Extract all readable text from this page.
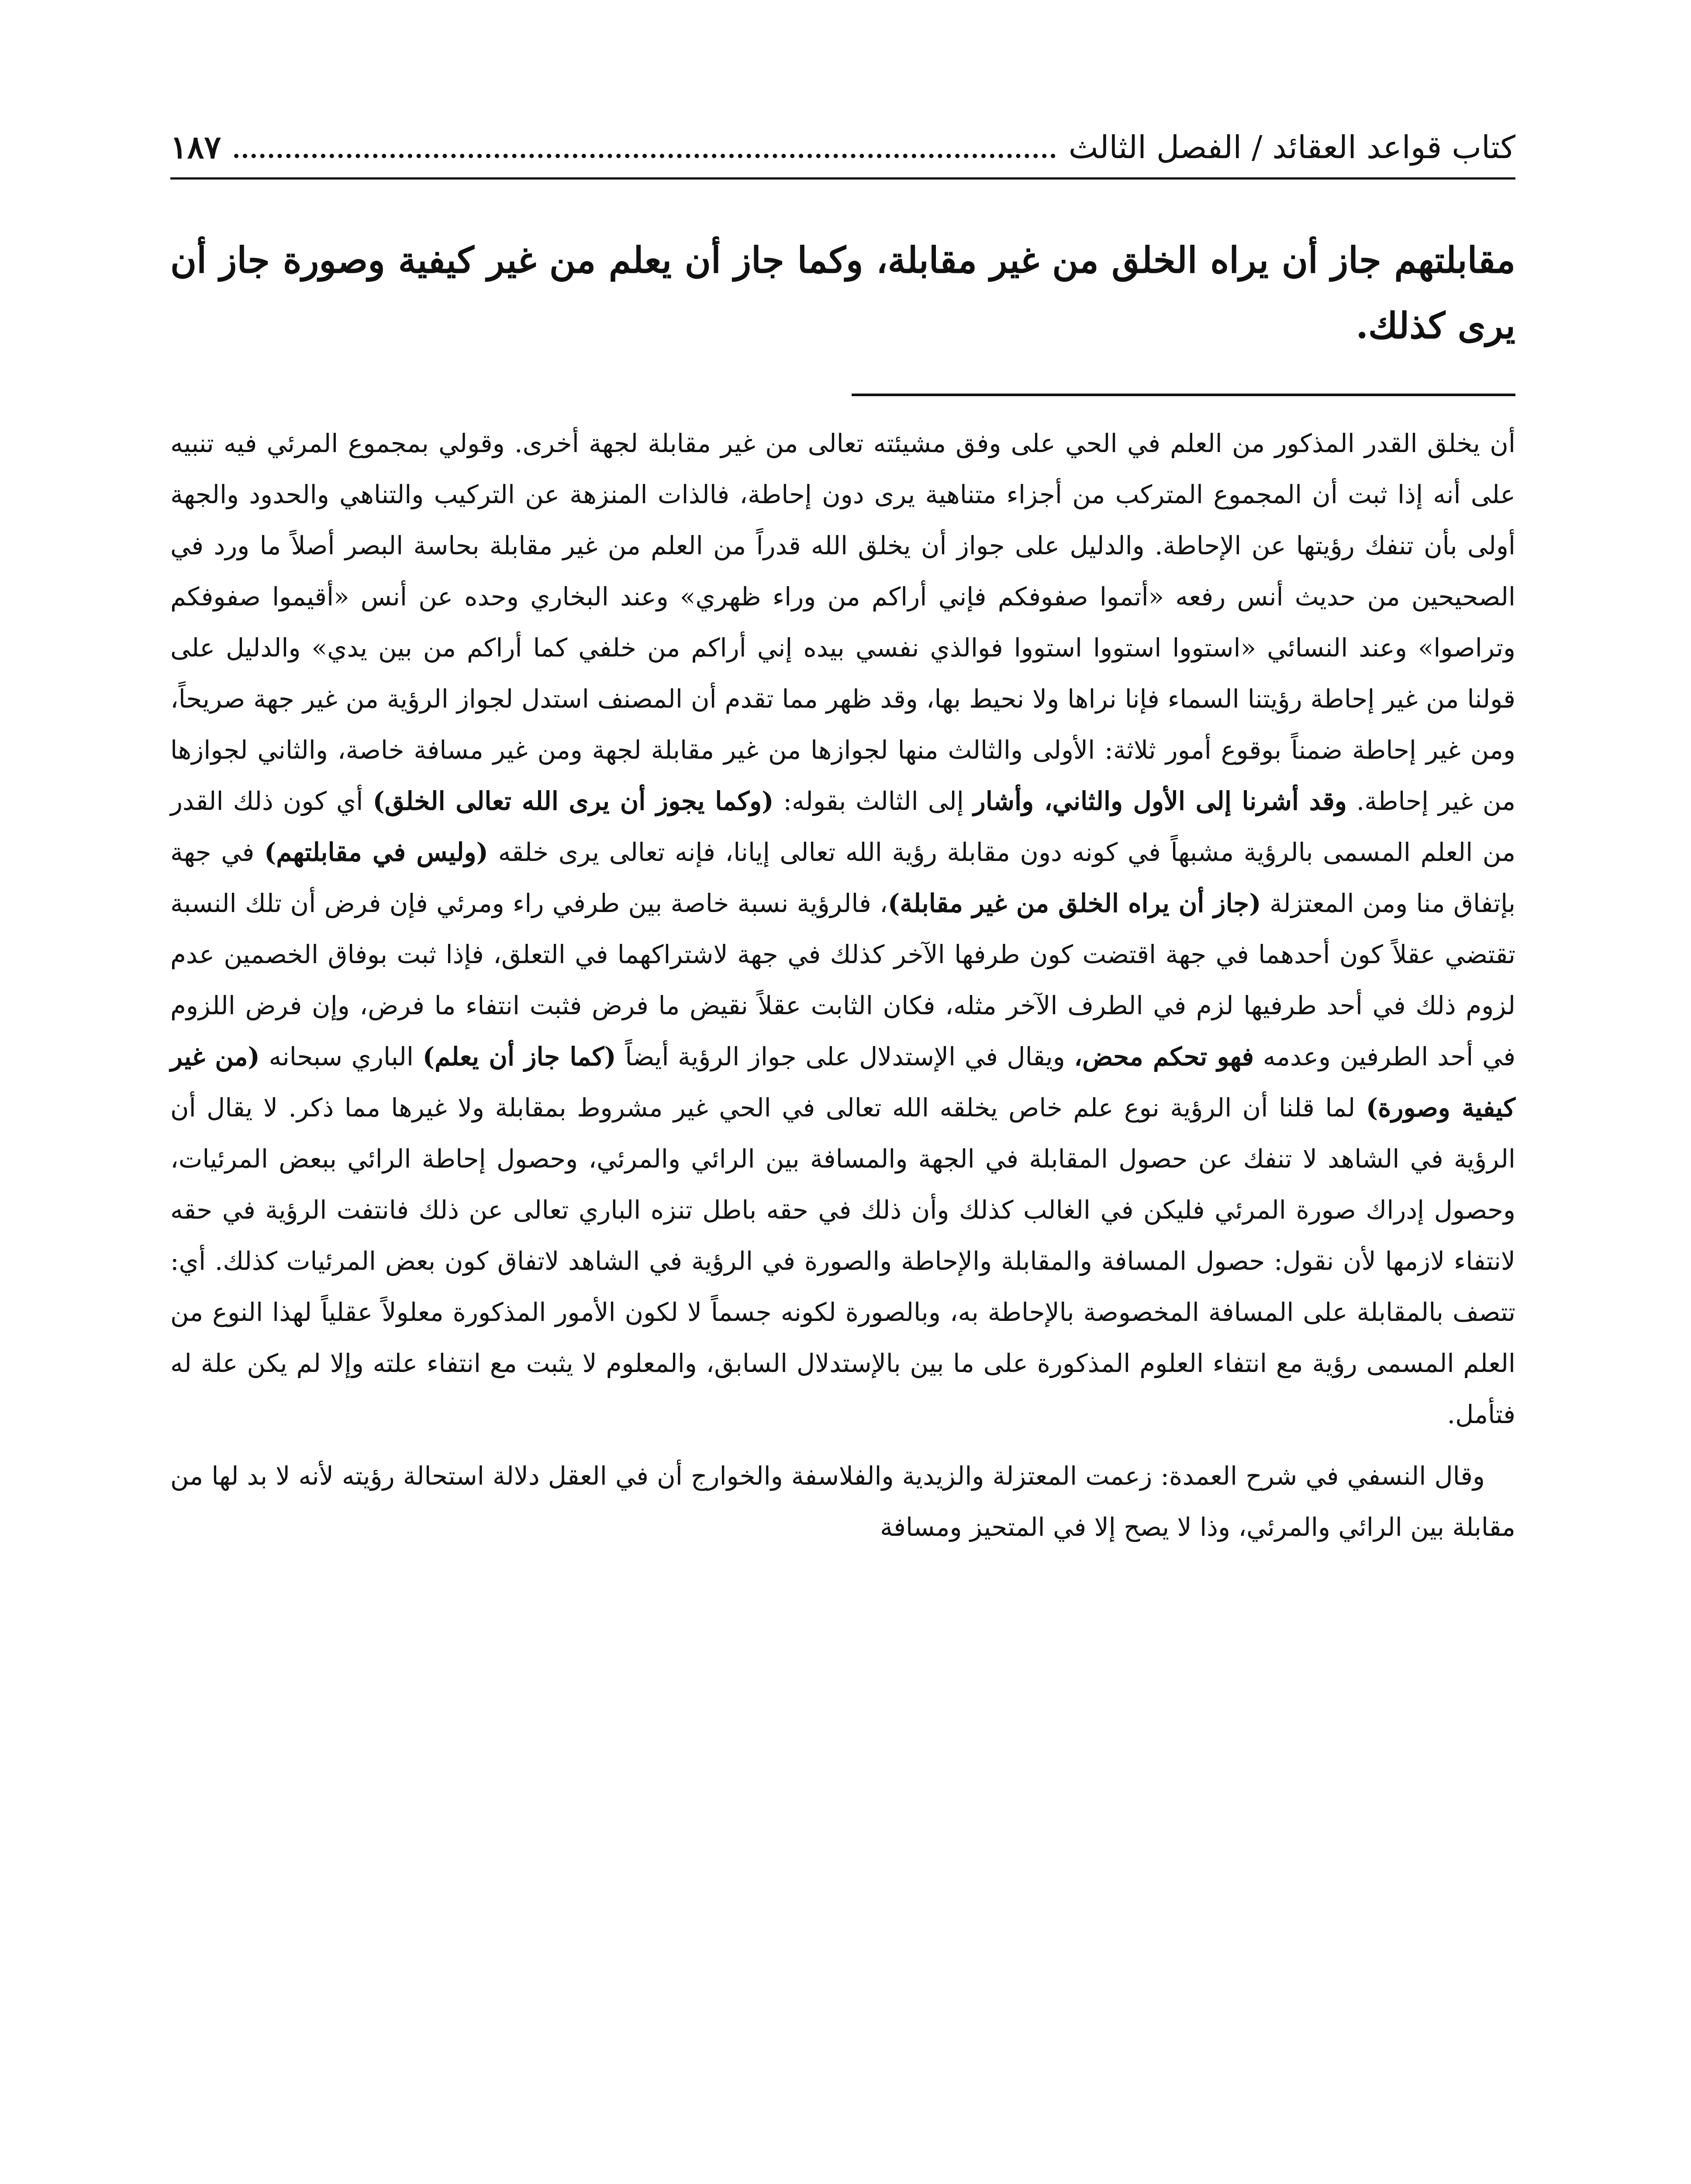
كتاب قواعد العقائد / الفصل الثالث
١٨٧
مقابلتهم جاز أن يراه الخلق من غير مقابلة، وكما جاز أن يعلم من غير كيفية وصورة جاز أن يرى كذلك.

أن يخلق القدر المذكور من العلم في الحي على وفق مشيئته تعالى من غير مقابلة لجهة أخرى. وقولي بمجموع المرئي فيه تنبيه على أنه إذا ثبت أن المجموع المتركب من أجزاء متناهية يرى دون إحاطة، فالذات المنزهة عن التركيب والتناهي والحدود والجهة أولى بأن تنفك رؤيتها عن الإحاطة. والدليل على جواز أن يخلق الله قدراً من العلم من غير مقابلة بحاسة البصر أصلاً ما ورد في الصحيحين من حديث أنس رفعه «أتموا صفوفكم فإني أراكم من وراء ظهري» وعند البخاري وحده عن أنس «أقيموا صفوفكم وتراصوا» وعند النسائي «استووا استووا استووا فوالذي نفسي بيده إني أراكم من خلفي كما أراكم من بين يدي» والدليل على قولنا من غير إحاطة رؤيتنا السماء فإنا نراها ولا نحيط بها، وقد ظهر مما تقدم أن المصنف استدل لجواز الرؤية من غير جهة صريحاً، ومن غير إحاطة ضمناً بوقوع أمور ثلاثة: الأولى والثالث منها لجوازها من غير مقابلة لجهة ومن غير مسافة خاصة، والثاني لجوازها من غير إحاطة. وقد أشرنا إلى الأول والثاني، وأشار إلى الثالث بقوله: (وكما يجوز أن يرى الله تعالى الخلق) أي كون ذلك القدر من العلم المسمى بالرؤية مشبهاً في كونه دون مقابلة رؤية الله تعالى إيانا، فإنه تعالى يرى خلقه (وليس في مقابلتهم) في جهة بإتفاق منا ومن المعتزلة (جاز أن يراه الخلق من غير مقابلة)، فالرؤية نسبة خاصة بين طرفي راء ومرئي فإن فرض أن تلك النسبة تقتضي عقلاً كون أحدهما في جهة اقتضت كون طرفها الآخر كذلك في جهة لاشتراكهما في التعلق، فإذا ثبت بوفاق الخصمين عدم لزوم ذلك في أحد طرفيها لزم في الطرف الآخر مثله، فكان الثابت عقلاً نقيض ما فرض فثبت انتفاء ما فرض، وإن فرض اللزوم في أحد الطرفين وعدمه فهو تحكم محض، ويقال في الإستدلال على جواز الرؤية أيضاً (كما جاز أن يعلم) الباري سبحانه (من غير كيفية وصورة) لما قلنا أن الرؤية نوع علم خاص يخلقه الله تعالى في الحي غير مشروط بمقابلة ولا غيرها مما ذكر. لا يقال أن الرؤية في الشاهد لا تنفك عن حصول المقابلة في الجهة والمسافة بين الرائي والمرئي، وحصول إحاطة الرائي ببعض المرئيات، وحصول إدراك صورة المرئي فليكن في الغالب كذلك وأن ذلك في حقه باطل تنزه الباري تعالى عن ذلك فانتفت الرؤية في حقه لانتفاء لازمها لأن نقول: حصول المسافة والمقابلة والإحاطة والصورة في الرؤية في الشاهد لاتفاق كون بعض المرئيات كذلك. أي: تتصف بالمقابلة على المسافة المخصوصة بالإحاطة به، وبالصورة لكونه جسماً لا لكون الأمور المذكورة معلولاً عقلياً لهذا النوع من العلم المسمى رؤية مع انتفاء العلوم المذكورة على ما بين بالإستدلال السابق، والمعلوم لا يثبت مع انتفاء علته وإلا لم يكن علة له فتأمل.

وقال النسفي في شرح العمدة: زعمت المعتزلة والزيدية والفلاسفة والخوارج أن في العقل دلالة استحالة رؤيته لأنه لا بد لها من مقابلة بين الرائي والمرئي، وذا لا يصح إلا في المتحيز ومسافة
